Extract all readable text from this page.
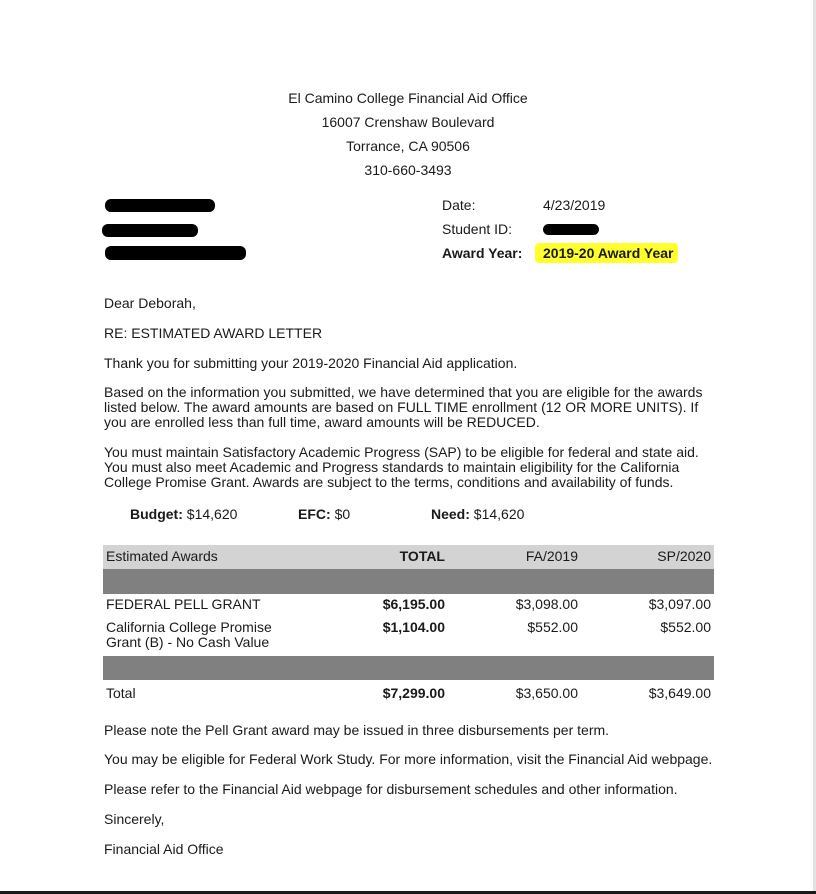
El Camino College Financial Aid Office
16007 Crenshaw Boulevard
Torrance, CA 90506
310-660-3493
Date:	4/23/2019
Student ID:
Award Year: 2019-20 Award Year
Dear Deborah,
RE: ESTIMATED AWARD LETTER
Thank you for submitting your 2019-2020 Financial Aid application.
Based on the information you submitted, we have determined that you are eligible for the awards listed below. The award amounts are based on FULL TIME enrollment (12 OR MORE UNITS). If you are enrolled less than full time, award amounts will be REDUCED.
You must maintain Satisfactory Academic Progress (SAP) to be eligible for federal and state aid. You must also meet Academic and Progress standards to maintain eligibility for the California College Promise Grant. Awards are subject to the terms, conditions and availability of funds.
Budget: $14,620	EFC: $0	Need: $14,620
Estimated Awards	TOTAL	FA/2019	SP/2020

FEDERAL PELL GRANT	$6,195.00	$3,098.00	$3,097.00

California College Promise
Grant (B) - No Cash Value	$1,104.00	$552.00	$552.00

Total	$7,299.00	$3,650.00	$3,649.00
Please note the Pell Grant award may be issued in three disbursements per term.
You may be eligible for Federal Work Study. For more information, visit the Financial Aid webpage.
Please refer to the Financial Aid webpage for disbursement schedules and other information.
Sincerely,
Financial Aid Office
